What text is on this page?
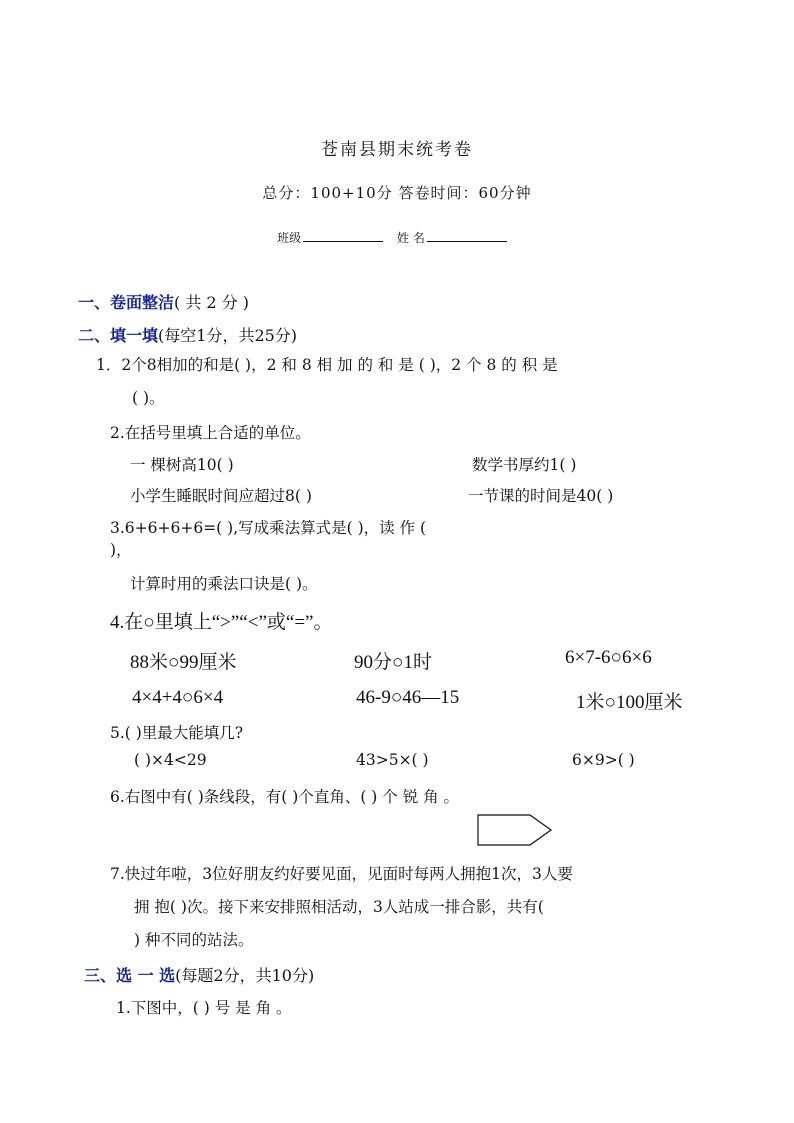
苍南县期末统考卷
总分：100+10分 答卷时间：60分钟
班级	姓 名
一、卷面整洁( 共 2 分 )
二、填一填(每空1分，共25分)
1．2个8相加的和是( )，2 和 8 相 加 的 和 是 ( )，2 个 8 的 积 是
( )。
2.在括号里填上合适的单位。
一 棵树高10( )	数学书厚约1( )
小学生睡眠时间应超过8( )	一节课的时间是40( )
3.6+6+6+6=( ),写成乘法算式是( )，读 作 (
)，
计算时用的乘法口诀是( )。
4.在○里填上“>”“<”或“=”。
88米○99厘米	90分○1时	6×7-6○6×6
4×4+4○6×4	46-9○46—15	1米○100厘米
5.( )里最大能填几?
( )×4<29	43>5×( )	6×9>( )
6.右图中有( )条线段，有( )个直角、( ) 个 锐 角 。
7.快过年啦，3位好朋友约好要见面，见面时每两人拥抱1次，3人要
拥 抱( )次。接下来安排照相活动，3人站成一排合影，共有(
) 种不同的站法。
三、选 一 选(每题2分，共10分)
1.下图中，( ) 号 是 角 。
